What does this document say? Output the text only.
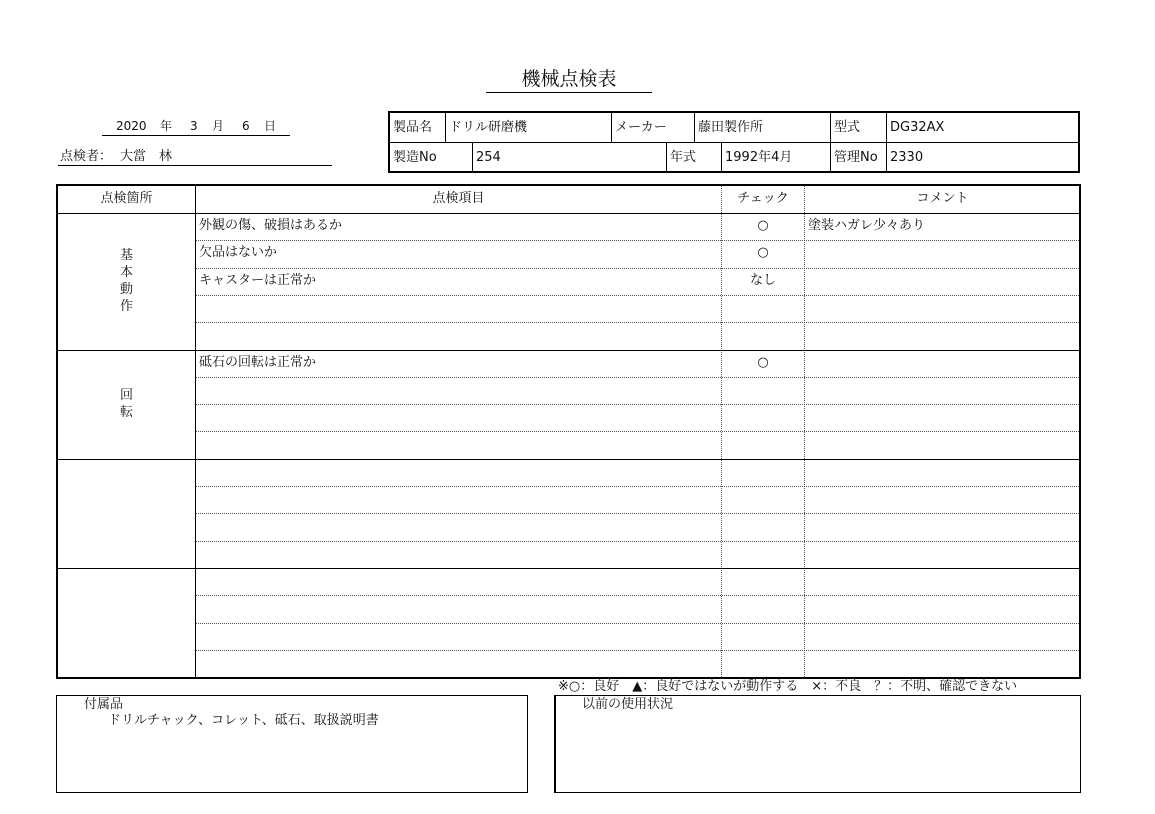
機械点検表
2020 年 3 月 6 日
点検者： 大當　林
製品名	ドリル研磨機	メーカー	藤田製作所	型式	DG32AX
製造No	254	年式	1992年4月	管理No 2330
点検箇所	点検項目	チェック	コメント
基
本
動
作
外観の傷、破損はあるか	○	塗装ハガレ少々あり
欠品はないか	○
キャスターは正常か	なし
回
転
砥石の回転は正常か	○
※○：良好　▲：良好ではないが動作する　×：不良　？：不明、確認できない
付属品
ドリルチャック、コレット、砥石、取扱説明書
以前の使用状況
